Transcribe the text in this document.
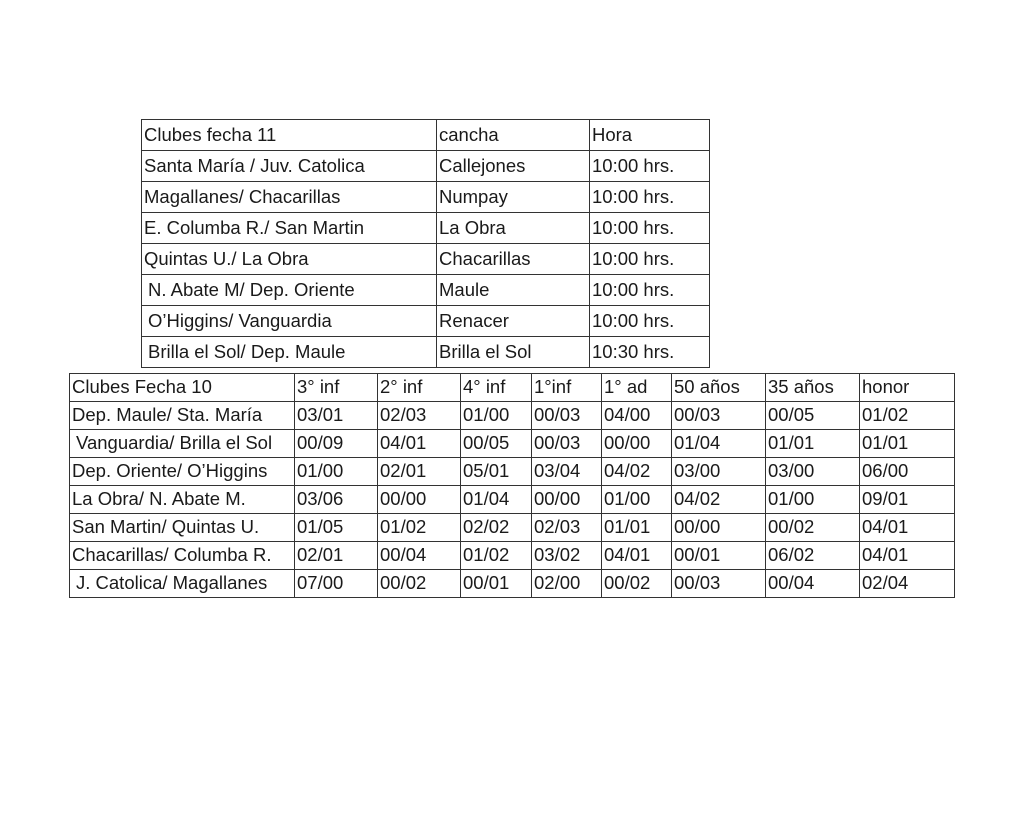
Clubes fecha 11	cancha	Hora
Santa María / Juv. Catolica	Callejones	10:00 hrs.
Magallanes/ Chacarillas	Numpay	10:00 hrs.
E. Columba R./ San Martin	La Obra	10:00 hrs.
Quintas U./ La Obra	Chacarillas	10:00 hrs.
N. Abate M/ Dep. Oriente	Maule	10:00 hrs.
O’Higgins/ Vanguardia	Renacer	10:00 hrs.
Brilla el Sol/ Dep. Maule	Brilla el Sol	10:30 hrs.
Clubes Fecha 10	3° inf	2° inf	4° inf	1°inf	1° ad	50 años	35 años	honor
Dep. Maule/ Sta. María	03/01	02/03	01/00	00/03	04/00	00/03	00/05	01/02
Vanguardia/ Brilla el Sol	00/09	04/01	00/05	00/03	00/00	01/04	01/01	01/01
Dep. Oriente/ O’Higgins	01/00	02/01	05/01	03/04	04/02	03/00	03/00	06/00
La Obra/ N. Abate M.	03/06	00/00	01/04	00/00	01/00	04/02	01/00	09/01
San Martin/ Quintas U.	01/05	01/02	02/02	02/03	01/01	00/00	00/02	04/01
Chacarillas/ Columba R.	02/01	00/04	01/02	03/02	04/01	00/01	06/02	04/01
J. Catolica/ Magallanes	07/00	00/02	00/01	02/00	00/02	00/03	00/04	02/04
